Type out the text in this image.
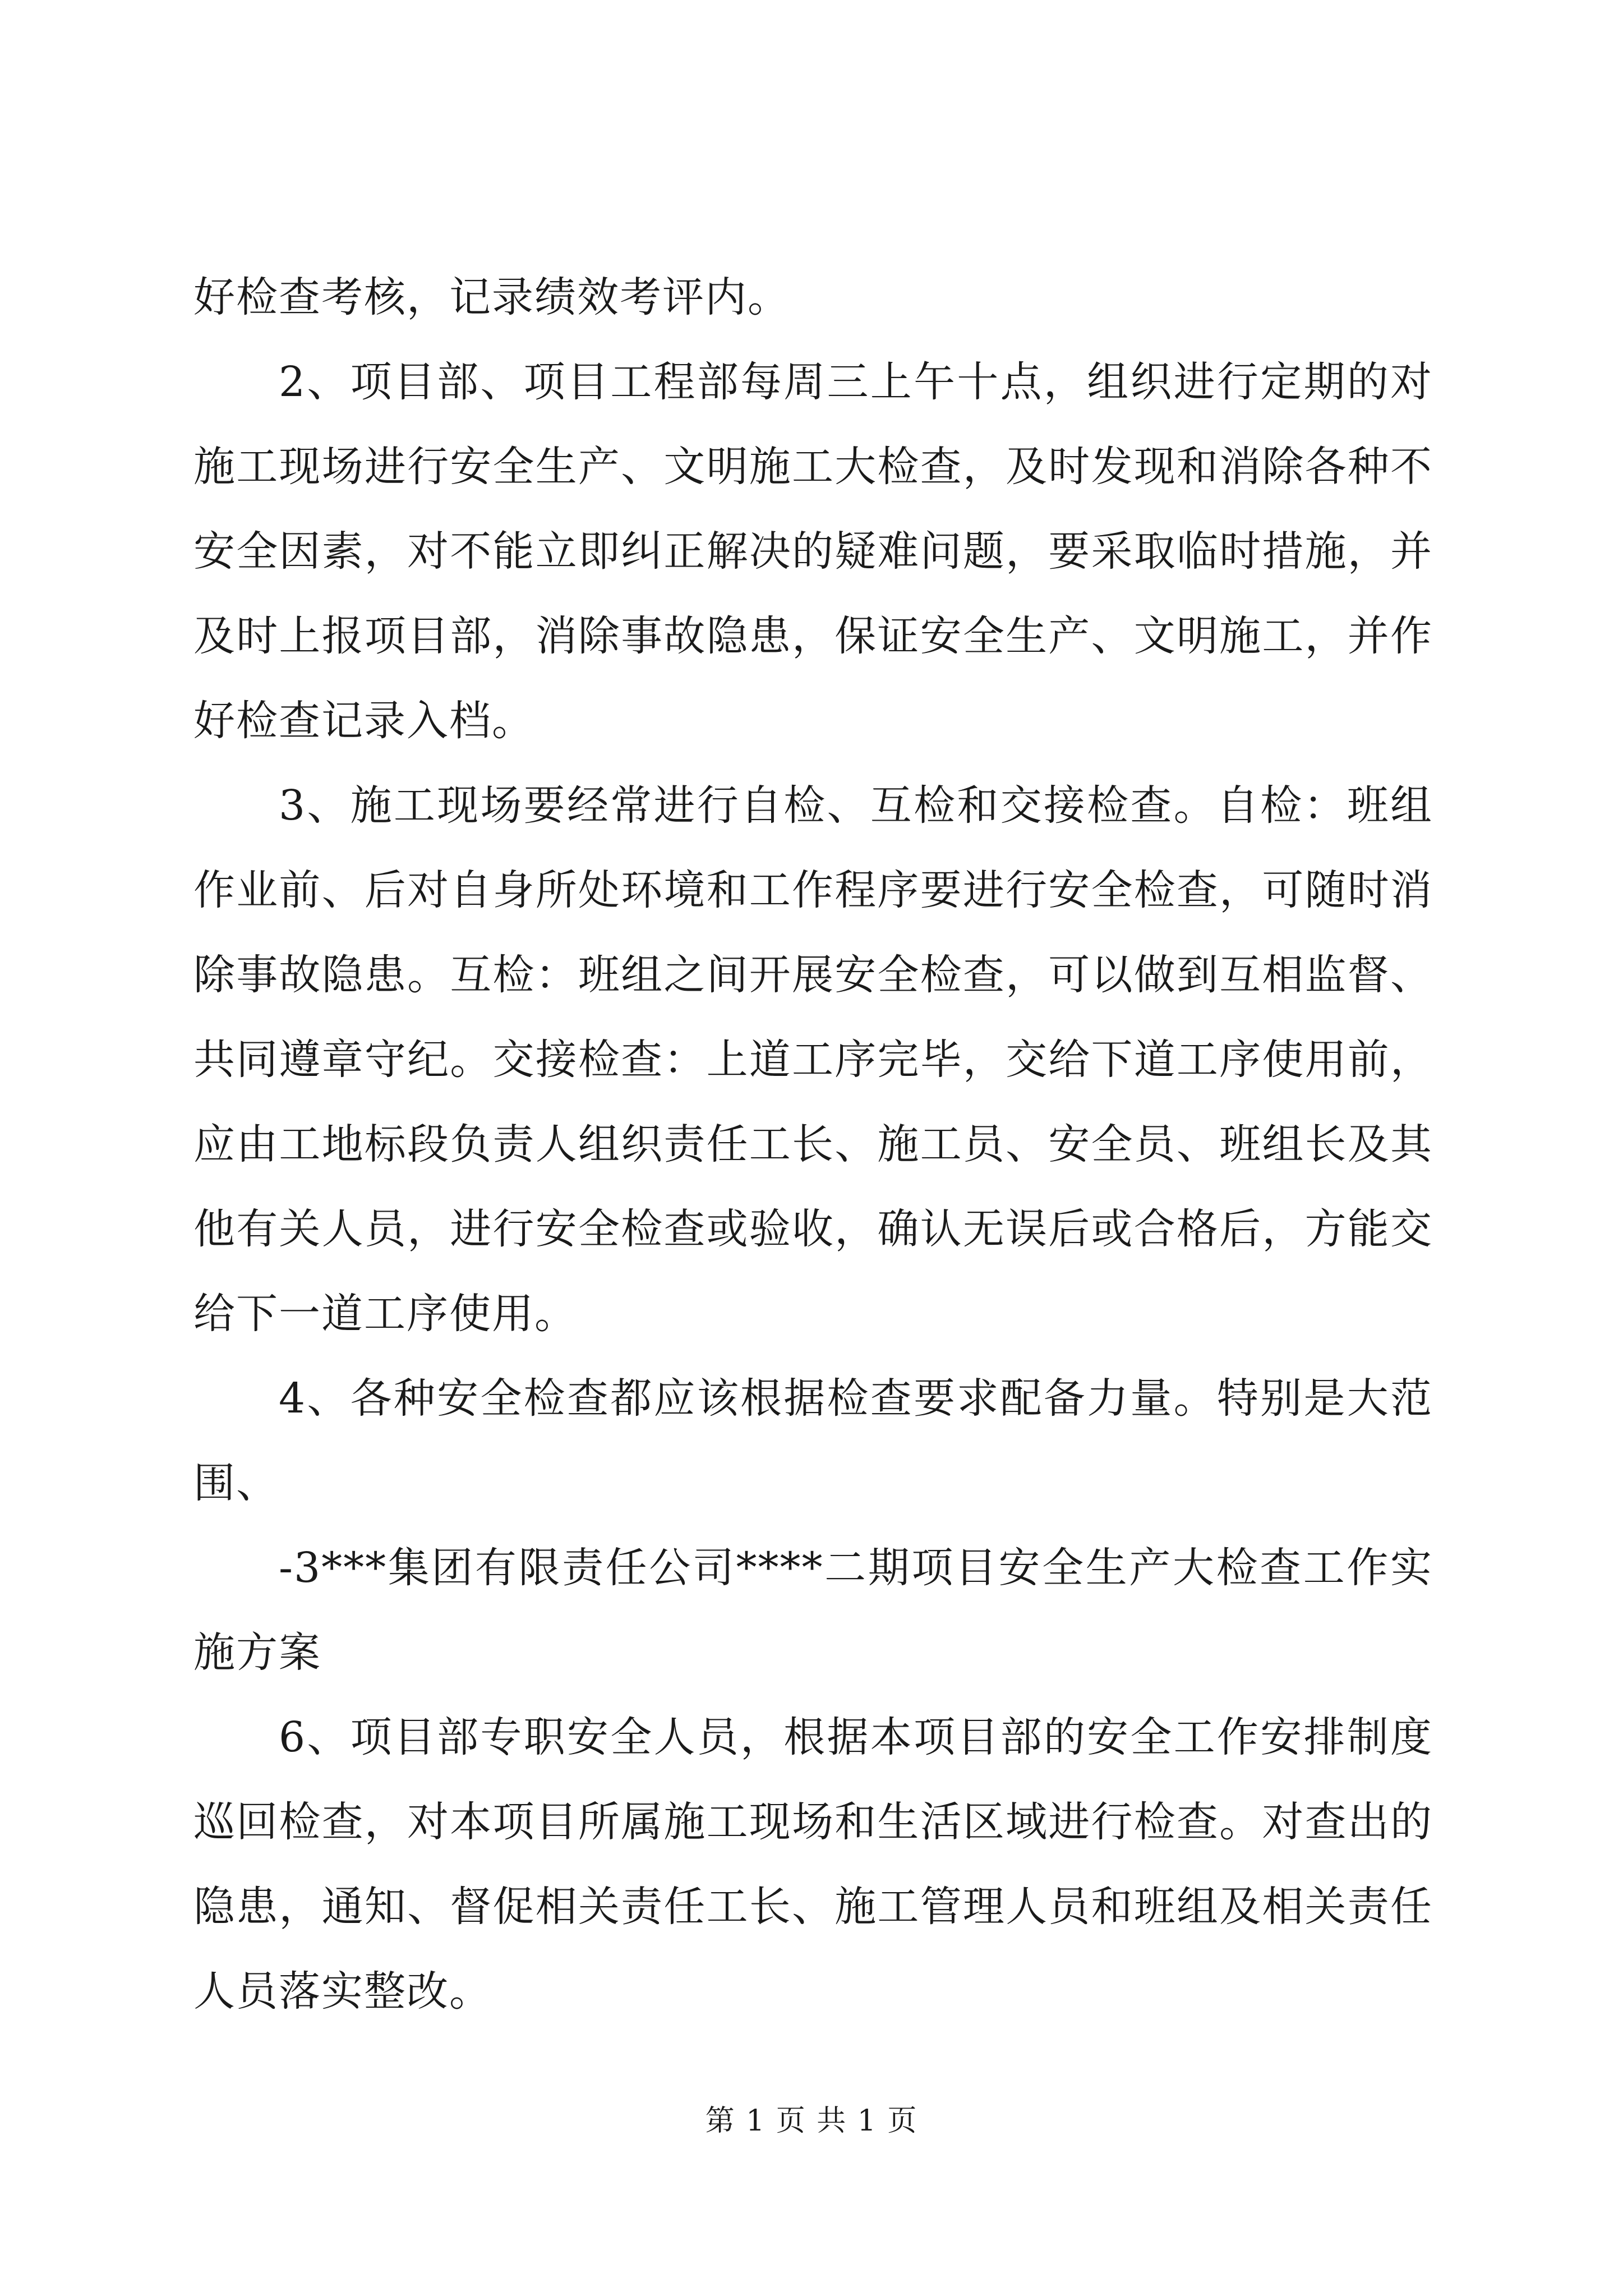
好检查考核，记录绩效考评内。

2、项目部、项目工程部每周三上午十点，组织进行定期的对施工现场进行安全生产、文明施工大检查，及时发现和消除各种不安全因素，对不能立即纠正解决的疑难问题，要采取临时措施，并及时上报项目部，消除事故隐患，保证安全生产、文明施工，并作好检查记录入档。

3、施工现场要经常进行自检、互检和交接检查。自检：班组作业前、后对自身所处环境和工作程序要进行安全检查，可随时消除事故隐患。互检：班组之间开展安全检查，可以做到互相监督、共同遵章守纪。交接检查：上道工序完毕，交给下道工序使用前，应由工地标段负责人组织责任工长、施工员、安全员、班组长及其他有关人员，进行安全检查或验收，确认无误后或合格后，方能交给下一道工序使用。

4、各种安全检查都应该根据检查要求配备力量。特别是大范围、

-3***集团有限责任公司****二期项目安全生产大检查工作实施方案

6、项目部专职安全人员，根据本项目部的安全工作安排制度巡回检查，对本项目所属施工现场和生活区域进行检查。对查出的隐患，通知、督促相关责任工长、施工管理人员和班组及相关责任人员落实整改。

第 1 页 共 1 页
